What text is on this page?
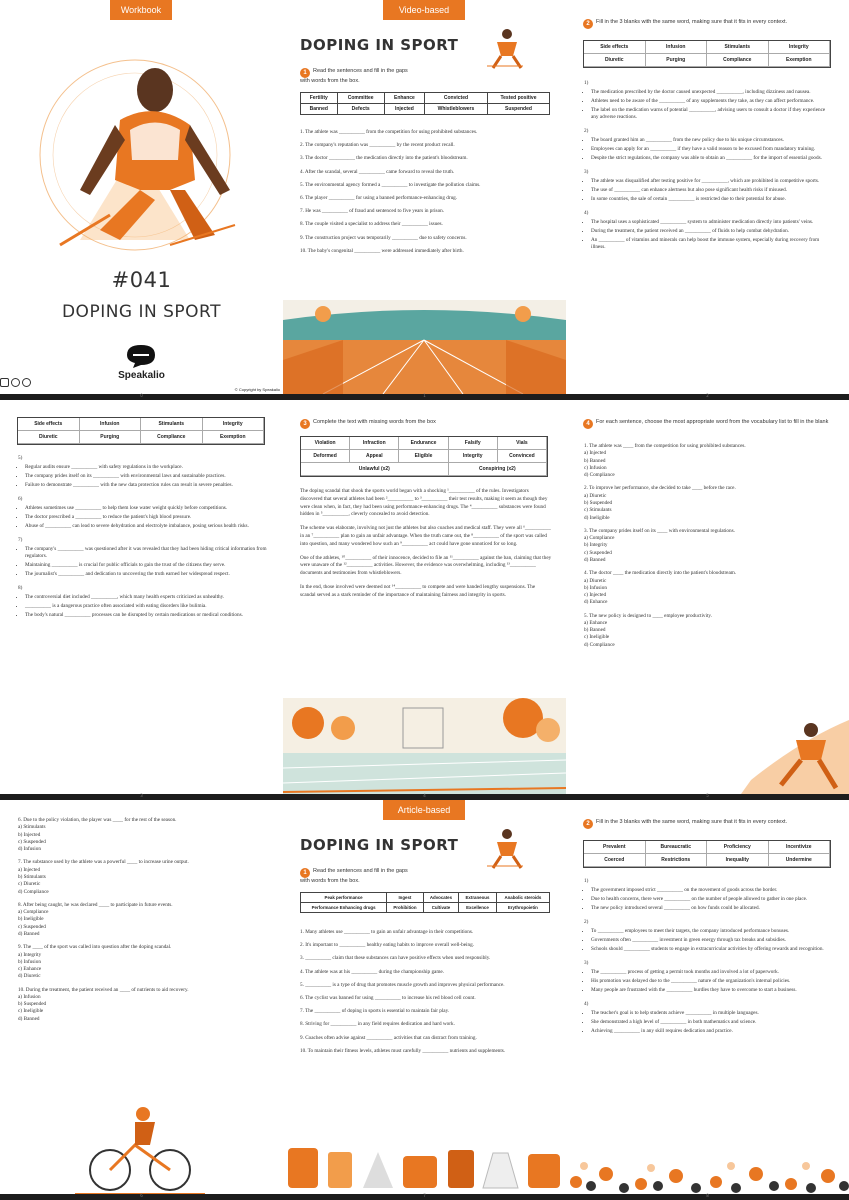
Workbook
#041
DOPING IN SPORT
Speakalio
© Copyright by Speakalio
Video-based
DOPING IN SPORT
1 Read the sentences and fill in the gaps with words from the box.
Fertility	Committee	Enhance	Convicted	Tested positive
Banned	Defects	Injected	Whistleblowers	Suspended
1. The athlete was __________ from the competition for using prohibited substances.
2. The company's reputation was __________ by the recent product recall.
3. The doctor __________ the medication directly into the patient's bloodstream.
4. After the scandal, several __________ came forward to reveal the truth.
5. The environmental agency formed a __________ to investigate the pollution claims.
6. The player __________ for using a banned performance-enhancing drug.
7. He was __________ of fraud and sentenced to five years in prison.
8. The couple visited a specialist to address their __________ issues.
9. The construction project was temporarily __________ due to safety concerns.
10. The baby's congenital __________ were addressed immediately after birth.
2 Fill in the 3 blanks with the same word, making sure that it fits in every context.
Side effects	Infusion	Stimulants	Integrity
Diuretic	Purging	Compliance	Exemption
1)
• The medication prescribed by the doctor caused unexpected __________, including dizziness and nausea.
• Athletes need to be aware of the __________ of any supplements they take, as they can affect performance.
• The label on the medication warns of potential __________, advising users to consult a doctor if they experience any adverse reactions.
2)
• The board granted him an __________ from the new policy due to his unique circumstances.
• Employees can apply for an __________ if they have a valid reason to be excused from mandatory training.
• Despite the strict regulations, the company was able to obtain an __________ for the import of essential goods.
3)
• The athlete was disqualified after testing positive for __________, which are prohibited in competitive sports.
• The use of __________ can enhance alertness but also pose significant health risks if misused.
• In some countries, the sale of certain __________ is restricted due to their potential for abuse.
4)
• The hospital uses a sophisticated __________ system to administer medication directly into patients' veins.
• During the treatment, the patient received an __________ of fluids to help combat dehydration.
• An __________ of vitamins and minerals can help boost the immune system, especially during recovery from illness.
Side effects	Infusion	Stimulants	Integrity
Diuretic	Purging	Compliance	Exemption
5)
• Regular audits ensure __________ with safety regulations in the workplace.
• The company prides itself on its __________ with environmental laws and sustainable practices.
• Failure to demonstrate __________ with the new data protection rules can result in severe penalties.
6)
• Athletes sometimes use __________ to help them lose water weight quickly before competitions.
• The doctor prescribed a __________ to reduce the patient's high blood pressure.
• Abuse of __________ can lead to severe dehydration and electrolyte imbalance, posing serious health risks.
7)
• The company's __________ was questioned after it was revealed that they had been hiding critical information from regulators.
• Maintaining __________ is crucial for public officials to gain the trust of the citizens they serve.
• The journalist's __________ and dedication to uncovering the truth earned her widespread respect.
8)
• The controversial diet included __________, which many health experts criticized as unhealthy.
• __________ is a dangerous practice often associated with eating disorders like bulimia.
• The body's natural __________ processes can be disrupted by certain medications or medical conditions.
3 Complete the text with missing words from the box
Violation	Infraction	Endurance	Falsify	Vials
Deformed	Appeal	Eligible	Integrity	Convinced
Unlawful (x2)	Conspiring (x2)
The doping scandal that shook the sports world began with a shocking ¹__________ of the rules. Investigators discovered that several athletes had been ²__________ to ³__________ their test results, making it seem as though they were clean when, in fact, they had been using performance-enhancing drugs. The ⁴__________ substances were found hidden in ⁵__________, cleverly concealed to avoid detection.
The scheme was elaborate, involving not just the athletes but also coaches and medical staff. They were all ⁶__________ in an ⁷__________ plan to gain an unfair advantage. When the truth came out, the ⁸__________ of the sport was called into question, and many wondered how such an ⁹__________ act could have gone unnoticed for so long.
One of the athletes, ¹⁰__________ of their innocence, decided to file an ¹¹__________ against the ban, claiming that they were unaware of the ¹²__________ activities. However, the evidence was overwhelming, including ¹³__________ documents and testimonies from whistleblowers.
In the end, those involved were deemed not ¹⁴__________ to compete and were handed lengthy suspensions. The scandal served as a stark reminder of the importance of maintaining fairness and integrity in sports.
4 For each sentence, choose the most appropriate word from the vocabulary list to fill in the blank
1. The athlete was ____ from the competition for using prohibited substances.
a) Injected
b) Banned
c) Infusion
d) Compliance
2. To improve her performance, she decided to take ____ before the race.
a) Diuretic
b) Suspended
c) Stimulants
d) Ineligible
3. The company prides itself on its ____ with environmental regulations.
a) Compliance
b) Integrity
c) Suspended
d) Banned
4. The doctor ____ the medication directly into the patient's bloodstream.
a) Diuretic
b) Infusion
c) Injected
d) Enhance
5. The new policy is designed to ____ employee productivity.
a) Enhance
b) Banned
c) Ineligible
d) Compliance
6. Due to the policy violation, the player was ____ for the rest of the season.
a) Stimulants
b) Injected
c) Suspended
d) Infusion
7. The substance used by the athlete was a powerful ____ to increase urine output.
a) Injected
b) Stimulants
c) Diuretic
d) Compliance
8. After being caught, he was declared ____ to participate in future events.
a) Compliance
b) Ineligible
c) Suspended
d) Banned
9. The ____ of the sport was called into question after the doping scandal.
a) Integrity
b) Infusion
c) Enhance
d) Diuretic
10. During the treatment, the patient received an ____ of nutrients to aid recovery.
a) Infusion
b) Suspended
c) Ineligible
d) Banned
Article-based
DOPING IN SPORT
1 Read the sentences and fill in the gaps with words from the box.
Peak performance	Ingest	Advocates	Extraneous	Anabolic steroids
Performance Enhancing drugs	Prohibition	Cultivate	Excellence	Erythropoietin
1. Many athletes use __________ to gain an unfair advantage in their competitions.
2. It's important to __________ healthy eating habits to improve overall well-being.
3. __________ claim that these substances can have positive effects when used responsibly.
4. The athlete was at his __________ during the championship game.
5. __________ is a type of drug that promotes muscle growth and improves physical performance.
6. The cyclist was banned for using __________ to increase his red blood cell count.
7. The __________ of doping in sports is essential to maintain fair play.
8. Striving for __________ in any field requires dedication and hard work.
9. Coaches often advise against __________ activities that can distract from training.
10. To maintain their fitness levels, athletes must carefully __________ nutrients and supplements.
2 Fill in the 3 blanks with the same word, making sure that it fits in every context.
Prevalent	Bureaucratic	Proficiency	Incentivize
Coerced	Restrictions	Inequality	Undermine
1)
• The government imposed strict __________ on the movement of goods across the border.
• Due to health concerns, there were __________ on the number of people allowed to gather in one place.
• The new policy introduced several __________ on how funds could be allocated.
2)
• To __________ employees to meet their targets, the company introduced performance bonuses.
• Governments often __________ investment in green energy through tax breaks and subsidies.
• Schools should __________ students to engage in extracurricular activities by offering rewards and recognition.
3)
• The __________ process of getting a permit took months and involved a lot of paperwork.
• His promotion was delayed due to the __________ nature of the organization's internal policies.
• Many people are frustrated with the __________ hurdles they have to overcome to start a business.
4)
• The teacher's goal is to help students achieve __________ in multiple languages.
• She demonstrated a high level of __________ in both mathematics and science.
• Achieving __________ in any skill requires dedication and practice.
0	1	2
3	4	5
6	7	8
